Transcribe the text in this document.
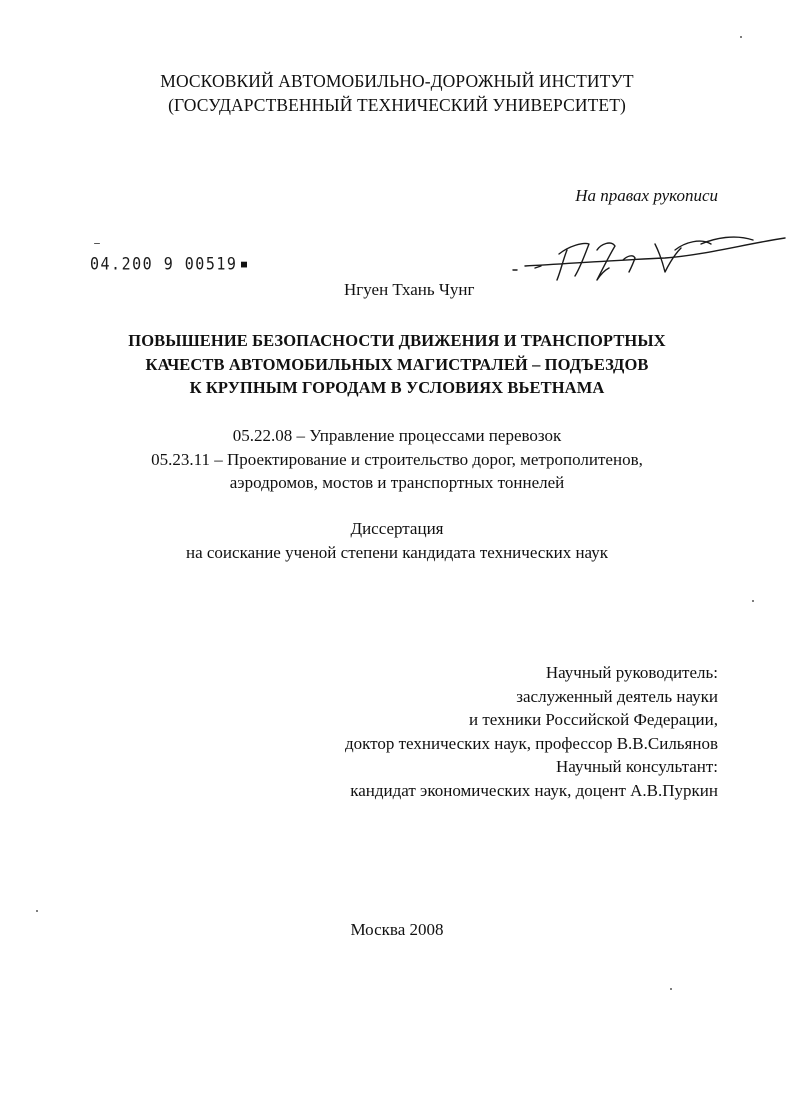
МОСКОВКИЙ АВТОМОБИЛЬНО-ДОРОЖНЫЙ ИНСТИТУТ
(ГОСУДАРСТВЕННЫЙ ТЕХНИЧЕСКИЙ УНИВЕРСИТЕТ)
На правах рукописи
04.200 9 00519
Нгуен Тхань Чунг
ПОВЫШЕНИЕ БЕЗОПАСНОСТИ ДВИЖЕНИЯ И ТРАНСПОРТНЫХ
КАЧЕСТВ АВТОМОБИЛЬНЫХ МАГИСТРАЛЕЙ – ПОДЪЕЗДОВ
К КРУПНЫМ ГОРОДАМ В УСЛОВИЯХ ВЬЕТНАМА
05.22.08 – Управление процессами перевозок
05.23.11 – Проектирование и строительство дорог, метрополитенов,
аэродромов, мостов и транспортных тоннелей
Диссертация
на соискание ученой степени кандидата технических наук
Научный руководитель:
заслуженный деятель науки
и техники Российской Федерации,
доктор технических наук, профессор В.В.Сильянов
Научный консультант:
кандидат экономических наук, доцент А.В.Пуркин
Москва 2008
